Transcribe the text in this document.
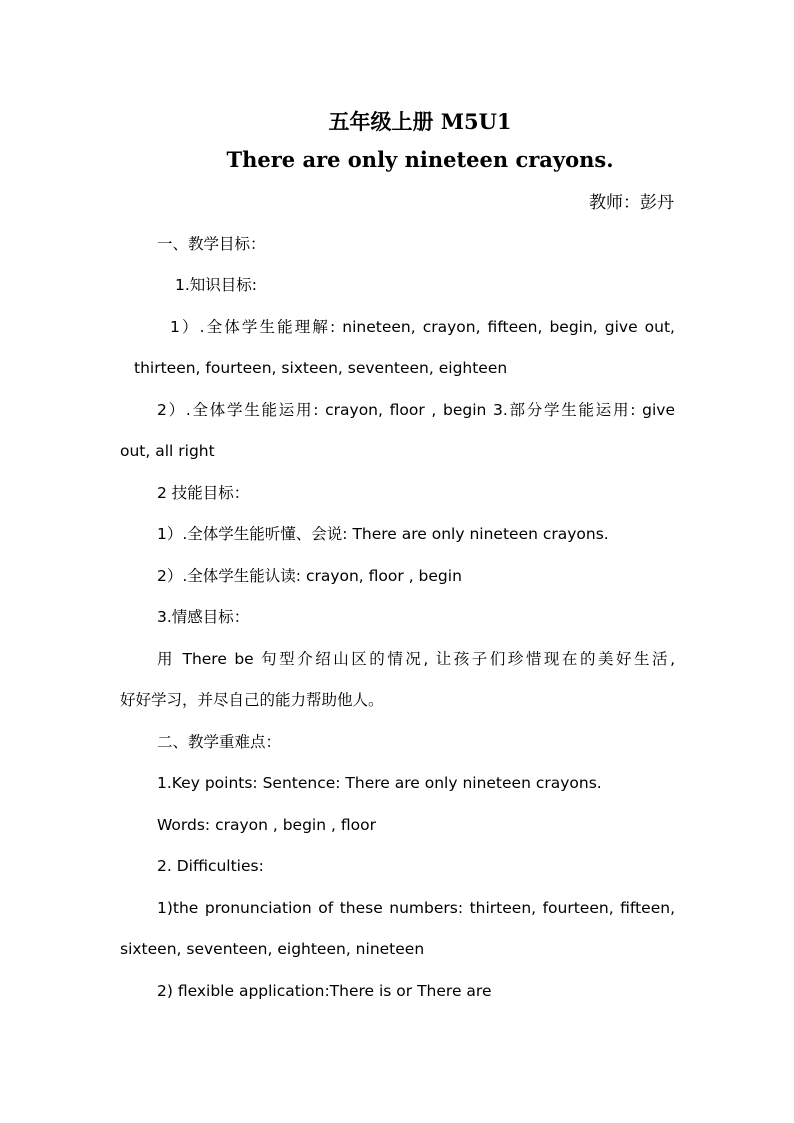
五年级上册 M5U1
There are only nineteen crayons.
教师：彭丹
一、教学目标：
1.知识目标:
1）.全体学生能理解: nineteen, crayon, fifteen, begin, give out,
thirteen, fourteen, sixteen, seventeen, eighteen
2）.全体学生能运用: crayon, floor , begin 3.部分学生能运用: give
out, all right
2 技能目标：
1）.全体学生能听懂、会说: There are only nineteen crayons.
2）.全体学生能认读: crayon, floor , begin
3.情感目标：
用 There be 句型介绍山区的情况, 让孩子们珍惜现在的美好生活,
好好学习，并尽自己的能力帮助他人。
二、教学重难点：
1.Key points: Sentence: There are only nineteen crayons.
Words: crayon , begin , floor
2. Difficulties:
1)the pronunciation of these numbers: thirteen, fourteen, fifteen,
sixteen, seventeen, eighteen, nineteen
2) flexible application:There is or There are
